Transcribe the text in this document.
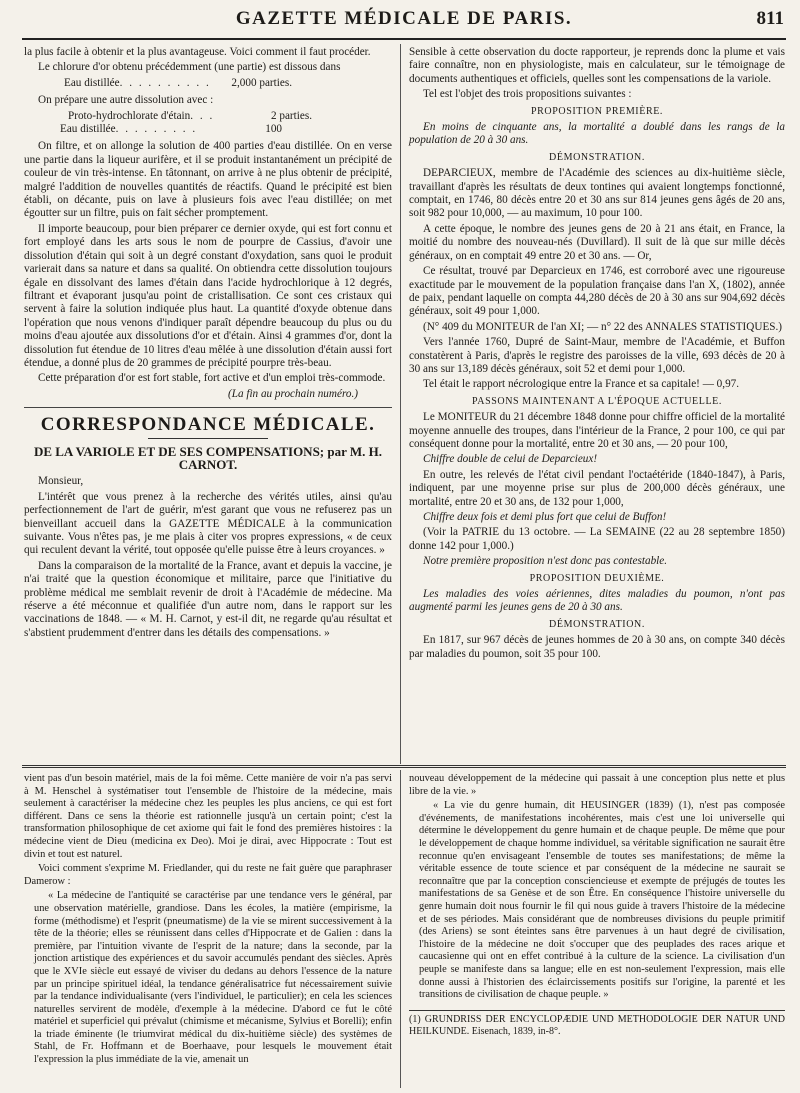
GAZETTE MÉDICALE DE PARIS.	811

la plus facile à obtenir et la plus avantageuse. Voici comment il faut procéder.

Le chlorure d'or obtenu précédemment (une partie) est dissous dans

Eau distillée . . . . . . . . . .	2,000 parties.

On prépare une autre dissolution avec :

Proto-hydrochlorate d'étain . . .	2 parties.
Eau distillée . . . . . . . . .	100

On filtre, et on allonge la solution de 400 parties d'eau distillée. On en verse une partie dans la liqueur aurifère, et il se produit instantanément un précipité de couleur de vin très-intense. En tâtonnant, on arrive à ne plus obtenir de précipité, malgré l'addition de nouvelles quantités de réactifs. Quand le précipité est bien établi, on décante, puis on lave à plusieurs fois avec l'eau distillée; on met égoutter sur un filtre, puis on fait sécher promptement.

Il importe beaucoup, pour bien préparer ce dernier oxyde, qui est fort connu et fort employé dans les arts sous le nom de pourpre de Cassius, d'avoir une dissolution d'étain qui soit à un degré constant d'oxydation, sans quoi le produit varierait dans sa nature et dans sa qualité. On obtiendra cette dissolution toujours égale en dissolvant des lames d'étain dans l'acide hydrochlorique à 12 degrés, filtrant et évaporant jusqu'au point de cristallisation. Ce sont ces cristaux qui servent à faire la solution indiquée plus haut. La quantité d'oxyde obtenue dans l'opération que nous venons d'indiquer paraît dépendre beaucoup du plus ou du moins d'eau ajoutée aux dissolutions d'or et d'étain. Ainsi 4 grammes d'or, dont la dissolution fut étendue de 10 litres d'eau mêlée à une dissolution d'étain aussi fort étendue, a donné plus de 20 grammes de précipité pourpre très-beau.

Cette préparation d'or est fort stable, fort active et d'un emploi très-commode.

(La fin au prochain numéro.)

CORRESPONDANCE MÉDICALE.
DE LA VARIOLE ET DE SES COMPENSATIONS; par M. H. CARNOT.

Monsieur,

L'intérêt que vous prenez à la recherche des vérités utiles, ainsi qu'au perfectionnement de l'art de guérir, m'est garant que vous ne refuserez pas un bienveillant accueil dans la GAZETTE MÉDICALE à la communication suivante. Vous n'êtes pas, je me plais à citer vos propres expressions, « de ceux qui reculent devant la vérité, tout opposée qu'elle puisse être à leurs croyances. »

Dans la comparaison de la mortalité de la France, avant et depuis la vaccine, je n'ai traité que la question économique et militaire, parce que l'initiative du problème médical me semblait revenir de droit à l'Académie de médecine. Ma réserve a été méconnue et qualifiée d'un autre nom, dans le rapport sur les vaccinations de 1848. — « M. H. Carnot, y est-il dit, ne regarde qu'au résultat et s'abstient prudemment d'entrer dans les détails des compensations. »

Sensible à cette observation du docte rapporteur, je reprends donc la plume et vais faire connaître, non en physiologiste, mais en calculateur, sur le témoignage de documents authentiques et officiels, quelles sont les compensations de la variole.

Tel est l'objet des trois propositions suivantes :

PROPOSITION PREMIÈRE.

En moins de cinquante ans, la mortalité a doublé dans les rangs de la population de 20 à 30 ans.

DÉMONSTRATION.

DEPARCIEUX, membre de l'Académie des sciences au dix-huitième siècle, travaillant d'après les résultats de deux tontines qui avaient longtemps fonctionné, comptait, en 1746, 80 décès entre 20 et 30 ans sur 814 jeunes gens âgés de 20 ans, soit 982 pour 10,000, — au maximum, 10 pour 100.

A cette époque, le nombre des jeunes gens de 20 à 21 ans était, en France, la moitié du nombre des nouveau-nés (Duvillard). Il suit de là que sur mille décès généraux, on en comptait 49 entre 20 et 30 ans. — Or,

Ce résultat, trouvé par Deparcieux en 1746, est corroboré avec une rigoureuse exactitude par le mouvement de la population française dans l'an X, (1802), année de paix, pendant laquelle on compta 44,280 décès de 20 à 30 ans sur 904,692 décès généraux, soit 49 pour 1,000.

(N° 409 du MONITEUR de l'an XI; — n° 22 des ANNALES STATISTIQUES.)

Vers l'année 1760, Dupré de Saint-Maur, membre de l'Académie, et Buffon constatèrent à Paris, d'après le registre des paroisses de la ville, 693 décès de 20 à 30 ans sur 13,189 décès généraux, soit 52 et demi pour 1,000.

Tel était le rapport nécrologique entre la France et sa capitale! — 0,97.

PASSONS MAINTENANT A L'ÉPOQUE ACTUELLE.

Le MONITEUR du 21 décembre 1848 donne pour chiffre officiel de la mortalité moyenne annuelle des troupes, dans l'intérieur de la France, 2 pour 100, ce qui par conséquent donne pour la mortalité, entre 20 et 30 ans, — 20 pour 100,

Chiffre double de celui de Deparcieux!

En outre, les relevés de l'état civil pendant l'octaétéride (1840-1847), à Paris, indiquent, par une moyenne prise sur plus de 200,000 décès généraux, une mortalité, entre 20 et 30 ans, de 132 pour 1,000,

Chiffre deux fois et demi plus fort que celui de Buffon!

(Voir la PATRIE du 13 octobre. — La SEMAINE (22 au 28 septembre 1850) donne 142 pour 1,000.)

Notre première proposition n'est donc pas contestable.

PROPOSITION DEUXIÈME.

Les maladies des voies aériennes, dites maladies du poumon, n'ont pas augmenté parmi les jeunes gens de 20 à 30 ans.

DÉMONSTRATION.

En 1817, sur 967 décès de jeunes hommes de 20 à 30 ans, on compte 340 décès par maladies du poumon, soit 35 pour 100.

vient pas d'un besoin matériel, mais de la foi même. Cette manière de voir n'a pas servi à M. Henschel à systématiser tout l'ensemble de l'histoire de la médecine, mais seulement à caractériser la médecine chez les peuples les plus anciens, ce qui est fort différent. Dans ce sens la théorie est rationnelle jusqu'à un certain point; c'est la transformation philosophique de cet axiome qui fait le fond des premières histoires : la médecine vient de Dieu (medicina ex Deo). Moi je dirai, avec Hippocrate : Tout est divin et tout est naturel.

Voici comment s'exprime M. Friedlander, qui du reste ne fait guère que paraphraser Damerow :

« La médecine de l'antiquité se caractérise par une tendance vers le général, par une observation matérielle, grandiose. Dans les écoles, la matière (empirisme, la forme (méthodisme) et l'esprit (pneumatisme) de la vie se mirent successivement à la tête de la théorie; elles se réunissent dans celles d'Hippocrate et de Galien : dans la première, par l'intuition vivante de l'esprit de la nature; dans la seconde, par la jonction artistique des expériences et du savoir accumulés pendant des siècles. Après que le XVIe siècle eut essayé de viviser du dedans au dehors l'essence de la nature par un principe spirituel idéal, la tendance généralisatrice fut nécessairement suivie par la tendance individualisante (vers l'individuel, le particulier); en cela les sciences naturelles servirent de modèle, d'exemple à la médecine. D'abord ce fut le côté matériel et superficiel qui prévalut (chimisme et mécanisme, Sylvius et Borelli); enfin la triade éminente (le triumvirat médical du dix-huitième siècle) des systèmes de Stahl, de Fr. Hoffmann et de Boerhaave, pour lesquels le mouvement était l'expression la plus immédiate de la vie, amenait un

nouveau développement de la médecine qui passait à une conception plus nette et plus libre de la vie. »

« La vie du genre humain, dit HEUSINGER (1839) (1), n'est pas composée d'événements, de manifestations incohérentes, mais c'est une loi universelle qui détermine le développement du genre humain et de chaque peuple. De même que pour le développement de chaque homme individuel, sa véritable signification ne saurait être reconnue qu'en envisageant l'ensemble de toutes ses manifestations; de même la véritable essence de toute science et par conséquent de la médecine ne saurait se reconnaître que par la conception consciencieuse et exempte de préjugés de toutes les manifestations de sa Genèse et de son Être. En conséquence l'histoire universelle du genre humain doit nous fournir le fil qui nous guide à travers l'histoire de la médecine et de ses périodes. Mais considérant que de nombreuses divisions du peuple primitif (des Ariens) se sont éteintes sans être parvenues à un haut degré de civilisation, l'histoire de la médecine ne doit s'occuper que des peuplades des races arique et caucasienne qui ont en effet contribué à la culture de la science. La civilisation d'un peuple se manifeste dans sa langue; elle en est non-seulement l'expression, mais elle donne aussi à l'historien des éclaircissements positifs sur l'origine, la parenté et les transitions de civilisation de chaque peuple. »

(1) GRUNDRISS DER ENCYCLOPÆDIE UND METHODOLOGIE DER NATUR UND HEILKUNDE. Eisenach, 1839, in-8°.
